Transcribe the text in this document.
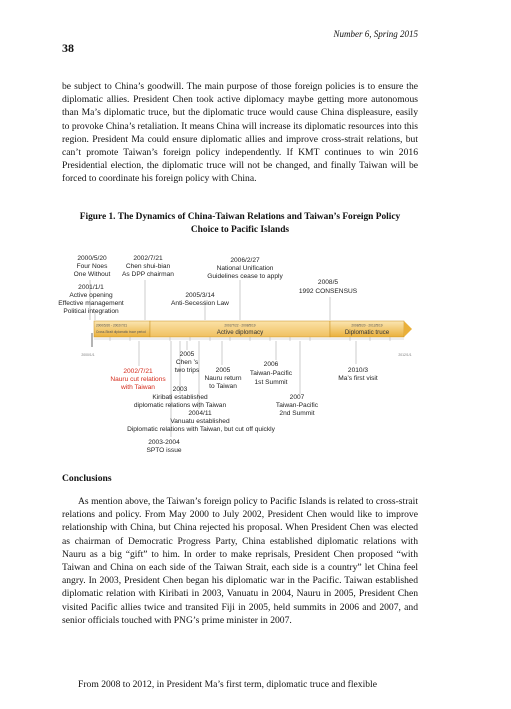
Number 6, Spring 2015
38

be subject to China’s goodwill. The main purpose of those foreign policies is to ensure the diplomatic allies. President Chen took active diplomacy maybe getting more autonomous than Ma’s diplomatic truce, but the diplomatic truce would cause China displeasure, easily to provoke China’s retaliation. It means China will increase its diplomatic resources into this region. President Ma could ensure diplomatic allies and improve cross-strait relations, but can’t promote Taiwan’s foreign policy independently. If KMT continues to win 2016 Presidential election, the diplomatic truce will not be changed, and finally Taiwan will be forced to coordinate his foreign policy with China.

Figure 1. The Dynamics of China-Taiwan Relations and Taiwan’s Foreign Policy
Choice to Pacific Islands

2000/5/20 - 2002/7/21
Cross-Strait diplomatic truce period
2002/7/22 - 2008/5/19
Active diplomacy
2008/5/20 - 2012/5/19
Diplomatic truce
2000/1/1	2012/1/1
2000/5/20
Four Noes
One Without
2002/7/21
Chen shui-bian
As DPP chairman
2001/1/1
Active opening
Effective management
Political integration
2005/3/14
Anti-Secession Law
2006/2/27
National Unification
Guidelines cease to apply
2008/5
1992 CONSENSUS
2005
Chen ’s
two trips
2002/7/21
Nauru cut relations
with Taiwan
2005
Nauru return
to Taiwan
2006
Taiwan-Pacific
1st Summit
2010/3
Ma’s first visit
2003
Kiribati established
diplomatic relations with Taiwan
2007
Taiwan-Pacific
2nd Summit
2004/11
Vanuatu established
Diplomatic relations with Taiwan, but cut off quickly
2003-2004
SPTO issue
Conclusions

As mention above, the Taiwan’s foreign policy to Pacific Islands is related to cross-strait relations and policy. From May 2000 to July 2002, President Chen would like to improve relationship with China, but China rejected his proposal. When President Chen was elected as chairman of Democratic Progress Party, China established diplomatic relations with Nauru as a big “gift” to him. In order to make reprisals, President Chen proposed “with Taiwan and China on each side of the Taiwan Strait, each side is a country” let China feel angry. In 2003, President Chen began his diplomatic war in the Pacific. Taiwan established diplomatic relation with Kiribati in 2003, Vanuatu in 2004, Nauru in 2005, President Chen visited Pacific allies twice and transited Fiji in 2005, held summits in 2006 and 2007, and senior officials touched with PNG’s prime minister in 2007.

From 2008 to 2012, in President Ma’s first term, diplomatic truce and flexible
